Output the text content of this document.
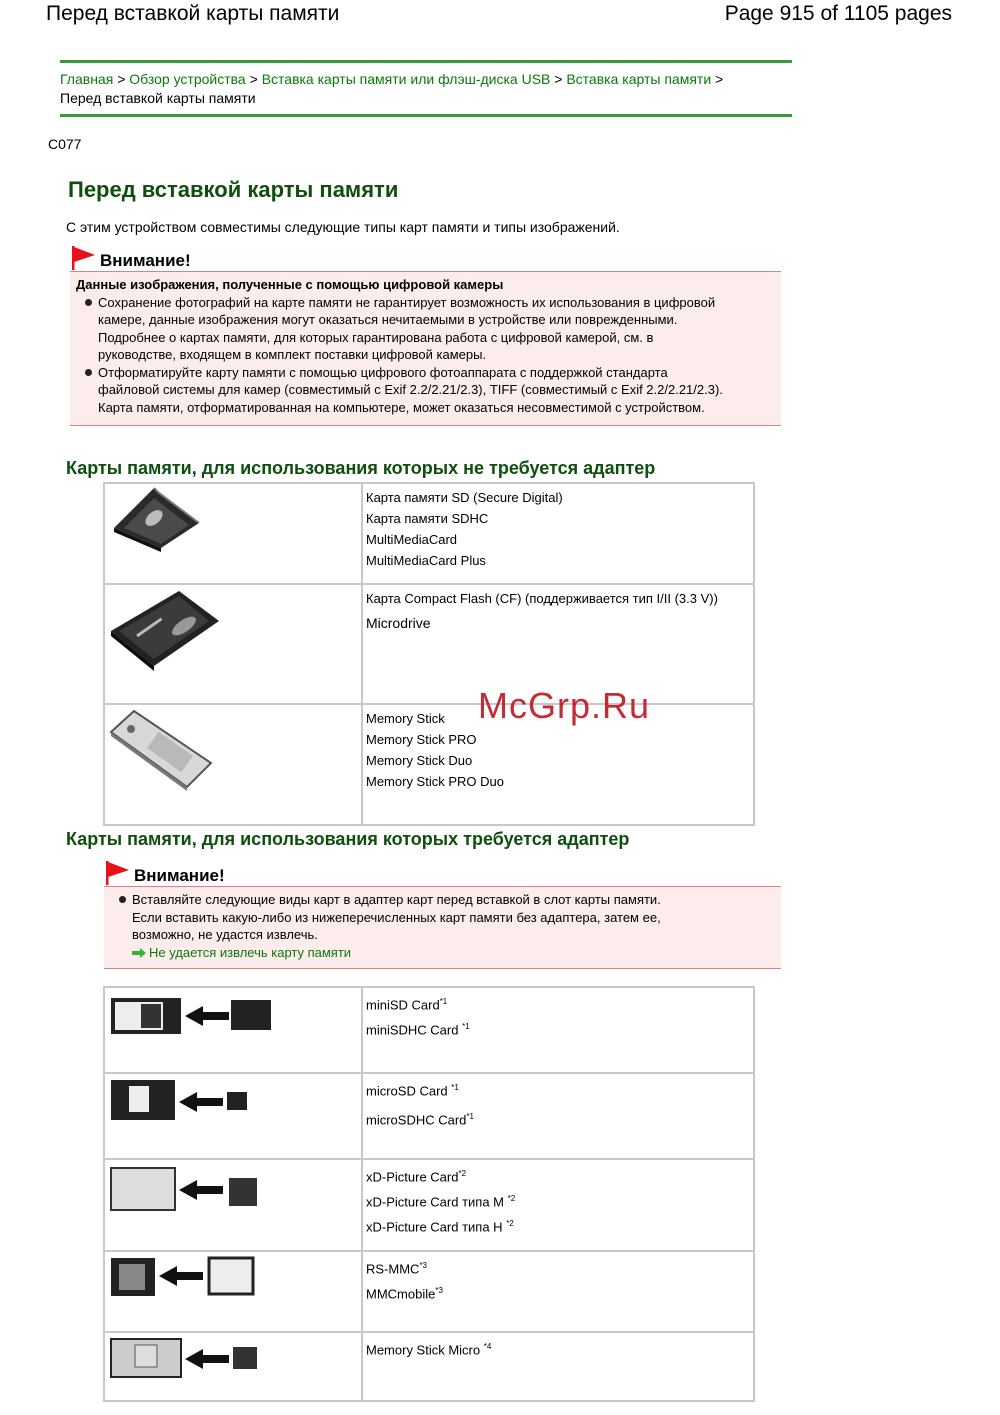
Перед вставкой карты памяти	Page 915 of 1105 pages
Главная > Обзор устройства > Вставка карты памяти или флэш-диска USB > Вставка карты памяти >
Перед вставкой карты памяти
C077
Перед вставкой карты памяти
С этим устройством совместимы следующие типы карт памяти и типы изображений.
Внимание!
Данные изображения, полученные с помощью цифровой камеры
Сохранение фотографий на карте памяти не гарантирует возможность их использования в цифровой
камере, данные изображения могут оказаться нечитаемыми в устройстве или поврежденными.
Подробнее о картах памяти, для которых гарантирована работа с цифровой камерой, см. в
руководстве, входящем в комплект поставки цифровой камеры.
Отформатируйте карту памяти с помощью цифрового фотоаппарата с поддержкой стандарта
файловой системы для камер (совместимый с Exif 2.2/2.21/2.3), TIFF (совместимый с Exif 2.2/2.21/2.3).
Карта памяти, отформатированная на компьютере, может оказаться несовместимой с устройством.
Карты памяти, для использования которых не требуется адаптер

Карта памяти SD (Secure Digital)
Карта памяти SDHC
MultiMediaCard
MultiMediaCard Plus

Карта Compact Flash (CF) (поддерживается тип I/II (3.3 V))
Microdrive

Memory Stick
Memory Stick PRO
Memory Stick Duo
Memory Stick PRO Duo
McGrp.Ru
Карты памяти, для использования которых требуется адаптер
Внимание!
Вставляйте следующие виды карт в адаптер карт перед вставкой в слот карты памяти.
Если вставить какую-либо из нижеперечисленных карт памяти без адаптера, затем ее,
возможно, не удастся извлечь.
Не удается извлечь карту памяти

miniSD Card$^{*1}$
miniSDHC Card $^{*1}$

microSD Card $^{*1}$
microSDHC Card$^{*1}$

xD-Picture Card$^{*2}$
xD-Picture Card типа M $^{*2}$
xD-Picture Card типа H $^{*2}$

RS-MMC$^{*3}$
MMCmobile$^{*3}$

Memory Stick Micro $^{*4}$
